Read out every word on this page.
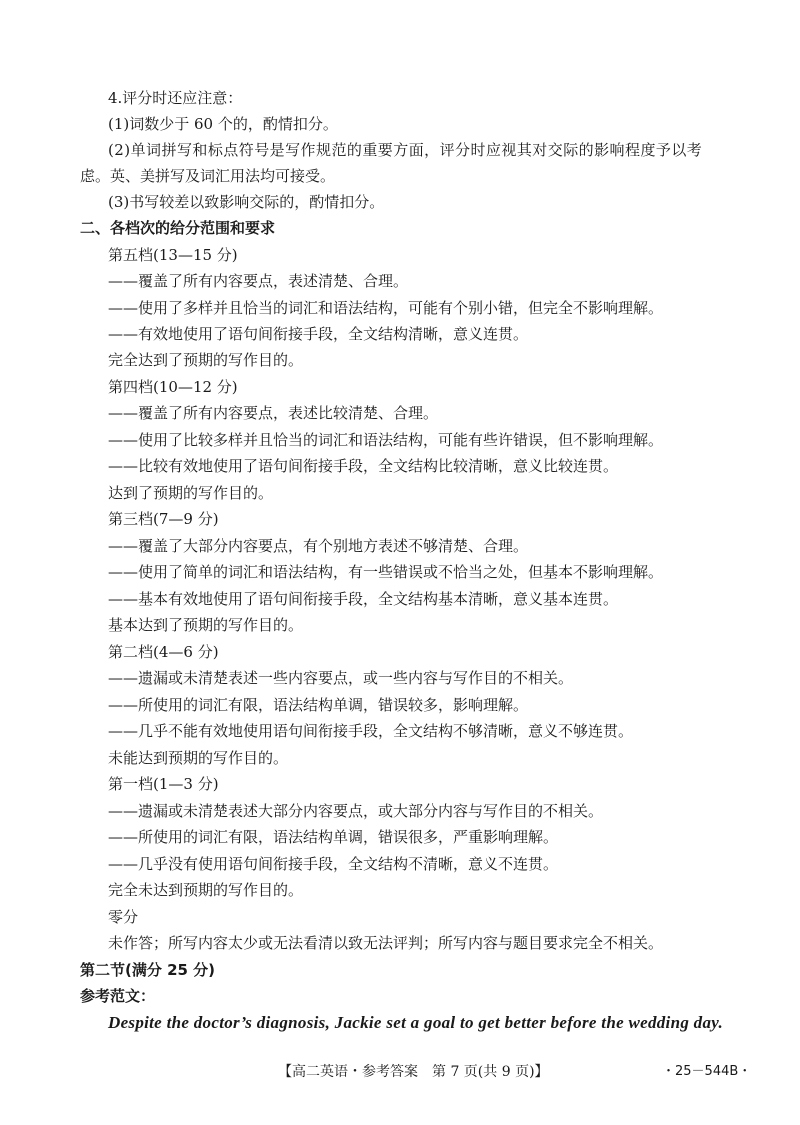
4.评分时还应注意：
(1)词数少于 60 个的，酌情扣分。
(2)单词拼写和标点符号是写作规范的重要方面，评分时应视其对交际的影响程度予以考
虑。英、美拼写及词汇用法均可接受。
(3)书写较差以致影响交际的，酌情扣分。
二、各档次的给分范围和要求
第五档(13—15 分)
——覆盖了所有内容要点，表述清楚、合理。
——使用了多样并且恰当的词汇和语法结构，可能有个别小错，但完全不影响理解。
——有效地使用了语句间衔接手段，全文结构清晰，意义连贯。
完全达到了预期的写作目的。
第四档(10—12 分)
——覆盖了所有内容要点，表述比较清楚、合理。
——使用了比较多样并且恰当的词汇和语法结构，可能有些许错误，但不影响理解。
——比较有效地使用了语句间衔接手段，全文结构比较清晰，意义比较连贯。
达到了预期的写作目的。
第三档(7—9 分)
——覆盖了大部分内容要点，有个别地方表述不够清楚、合理。
——使用了简单的词汇和语法结构，有一些错误或不恰当之处，但基本不影响理解。
——基本有效地使用了语句间衔接手段，全文结构基本清晰，意义基本连贯。
基本达到了预期的写作目的。
第二档(4—6 分)
——遗漏或未清楚表述一些内容要点，或一些内容与写作目的不相关。
——所使用的词汇有限，语法结构单调，错误较多，影响理解。
——几乎不能有效地使用语句间衔接手段，全文结构不够清晰，意义不够连贯。
未能达到预期的写作目的。
第一档(1—3 分)
——遗漏或未清楚表述大部分内容要点，或大部分内容与写作目的不相关。
——所使用的词汇有限，语法结构单调，错误很多，严重影响理解。
——几乎没有使用语句间衔接手段，全文结构不清晰，意义不连贯。
完全未达到预期的写作目的。
零分
未作答；所写内容太少或无法看清以致无法评判；所写内容与题目要求完全不相关。
第二节(满分 25 分)
参考范文：
Despite the doctor’s diagnosis, Jackie set a goal to get better before the wedding day.
【高二英语・参考答案　第 7 页(共 9 页)】	・25－544B・
